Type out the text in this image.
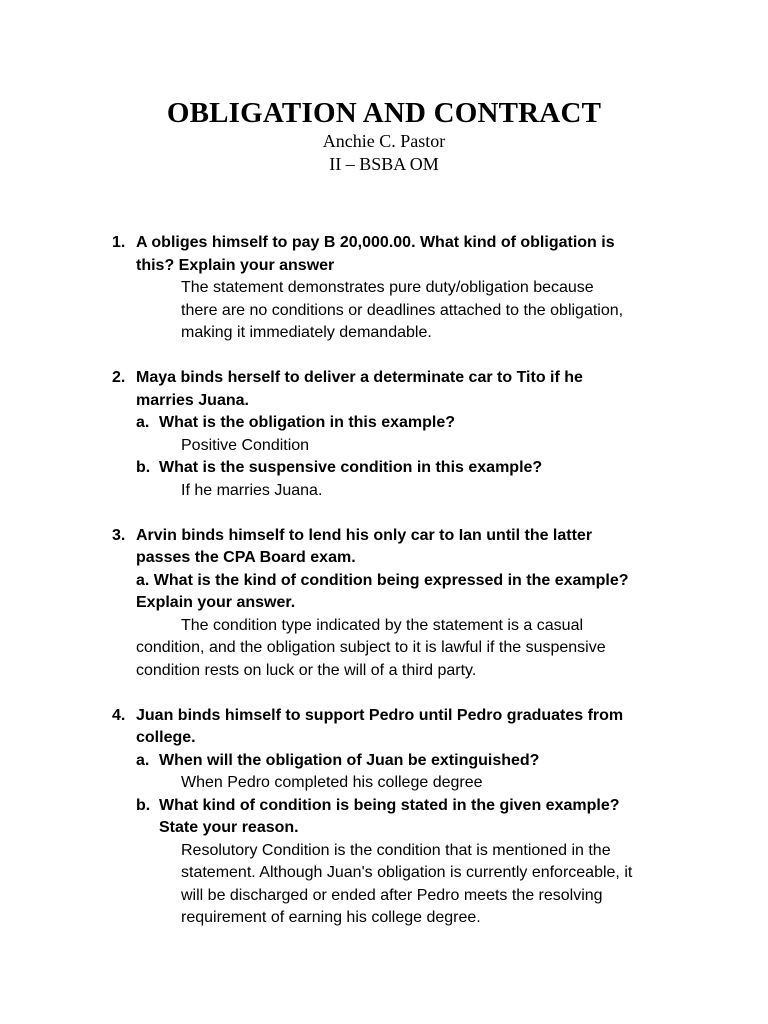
OBLIGATION AND CONTRACT
Anchie C. Pastor
II – BSBA OM
1. A obliges himself to pay B 20,000.00. What kind of obligation is
this? Explain your answer
The statement demonstrates pure duty/obligation because
there are no conditions or deadlines attached to the obligation,
making it immediately demandable.
2. Maya binds herself to deliver a determinate car to Tito if he
marries Juana.
a. What is the obligation in this example?
Positive Condition
b. What is the suspensive condition in this example?
If he marries Juana.
3. Arvin binds himself to lend his only car to Ian until the latter
passes the CPA Board exam.
a. What is the kind of condition being expressed in the example?
Explain your answer.
The condition type indicated by the statement is a casual
condition, and the obligation subject to it is lawful if the suspensive
condition rests on luck or the will of a third party.
4. Juan binds himself to support Pedro until Pedro graduates from
college.
a. When will the obligation of Juan be extinguished?
When Pedro completed his college degree
b. What kind of condition is being stated in the given example?
State your reason.
Resolutory Condition is the condition that is mentioned in the
statement. Although Juan's obligation is currently enforceable, it
will be discharged or ended after Pedro meets the resolving
requirement of earning his college degree.
